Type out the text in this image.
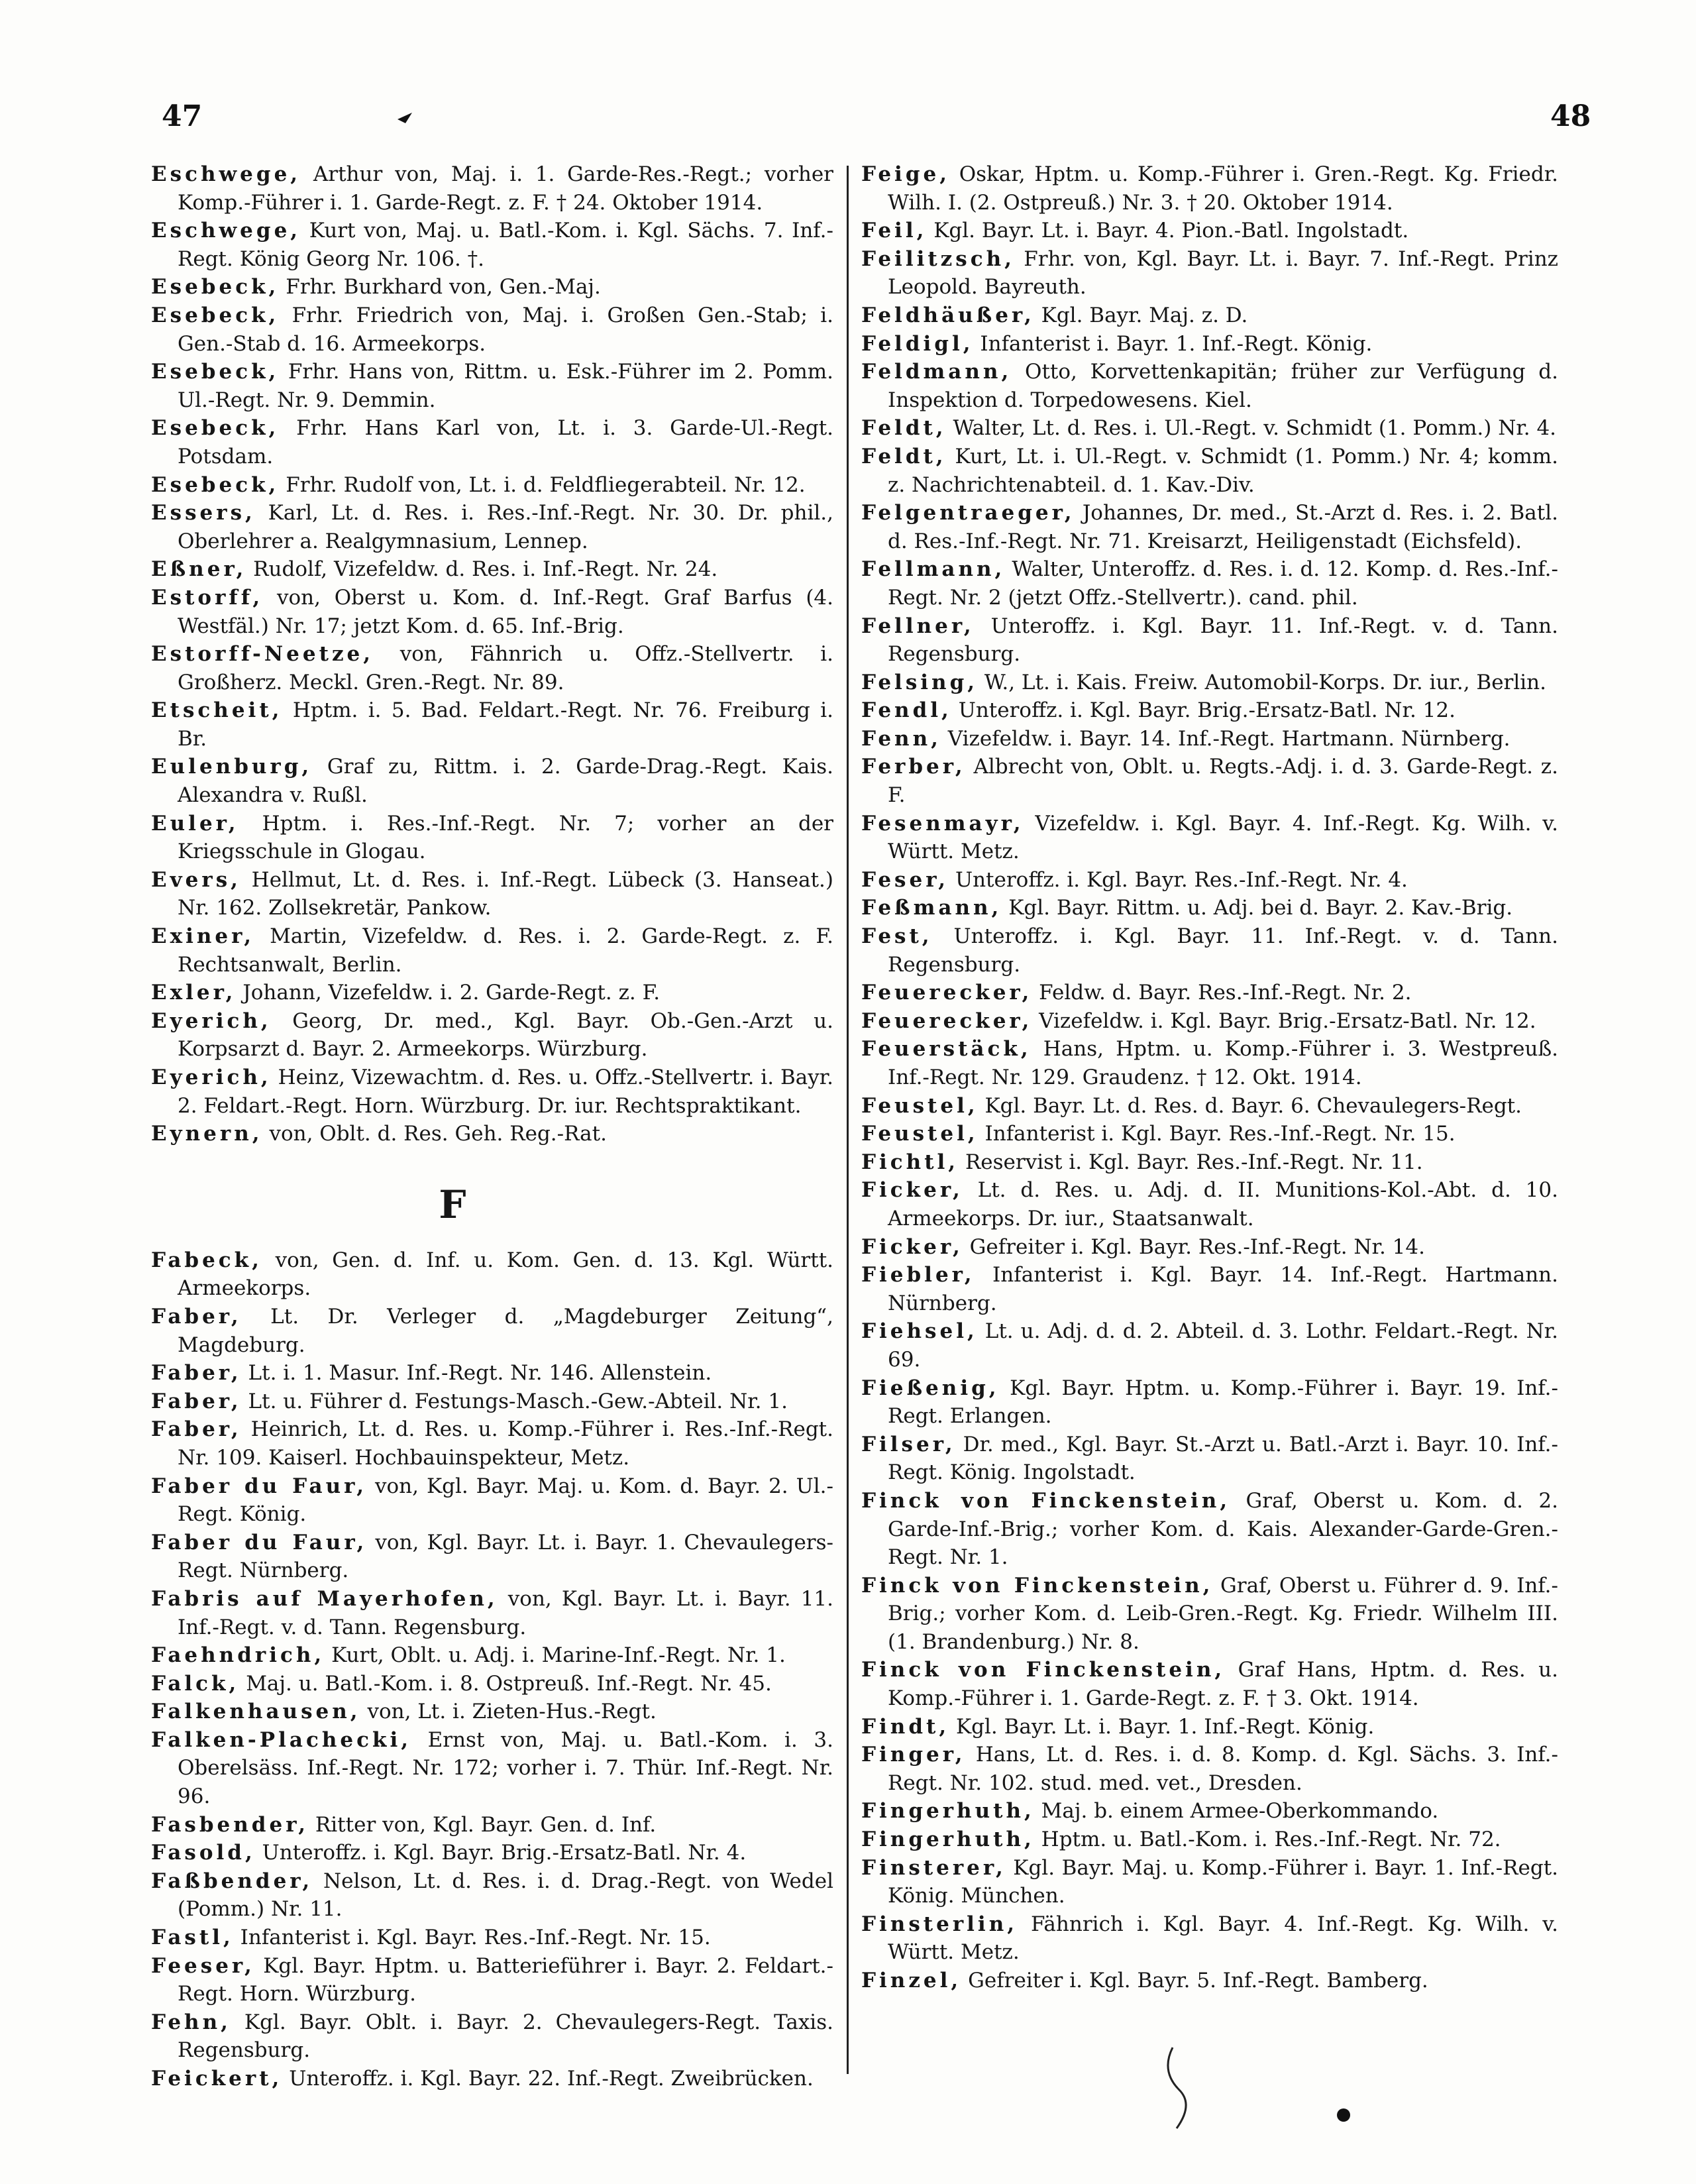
47	48

Eschwege, Arthur von, Maj. i. 1. Garde-Res.-Regt.; vorher Komp.-Führer i. 1. Garde-Regt. z. F. † 24. Oktober 1914.

Eschwege, Kurt von, Maj. u. Batl.-Kom. i. Kgl. Sächs. 7. Inf.-Regt. König Georg Nr. 106. †.

Esebeck, Frhr. Burkhard von, Gen.-Maj.

Esebeck, Frhr. Friedrich von, Maj. i. Großen Gen.-Stab; i. Gen.-Stab d. 16. Armeekorps.

Esebeck, Frhr. Hans von, Rittm. u. Esk.-Führer im 2. Pomm. Ul.-Regt. Nr. 9. Demmin.

Esebeck, Frhr. Hans Karl von, Lt. i. 3. Garde-Ul.-Regt. Potsdam.

Esebeck, Frhr. Rudolf von, Lt. i. d. Feldfliegerabteil. Nr. 12.

Essers, Karl, Lt. d. Res. i. Res.-Inf.-Regt. Nr. 30. Dr. phil., Oberlehrer a. Realgymnasium, Lennep.

Eßner, Rudolf, Vizefeldw. d. Res. i. Inf.-Regt. Nr. 24.

Estorff, von, Oberst u. Kom. d. Inf.-Regt. Graf Barfus (4. Westfäl.) Nr. 17; jetzt Kom. d. 65. Inf.-Brig.

Estorff-Neetze, von, Fähnrich u. Offz.-Stellvertr. i. Großherz. Meckl. Gren.-Regt. Nr. 89.

Etscheit, Hptm. i. 5. Bad. Feldart.-Regt. Nr. 76. Freiburg i. Br.

Eulenburg, Graf zu, Rittm. i. 2. Garde-Drag.-Regt. Kais. Alexandra v. Rußl.

Euler, Hptm. i. Res.-Inf.-Regt. Nr. 7; vorher an der Kriegsschule in Glogau.

Evers, Hellmut, Lt. d. Res. i. Inf.-Regt. Lübeck (3. Hanseat.) Nr. 162. Zollsekretär, Pankow.

Exiner, Martin, Vizefeldw. d. Res. i. 2. Garde-Regt. z. F. Rechtsanwalt, Berlin.

Exler, Johann, Vizefeldw. i. 2. Garde-Regt. z. F.

Eyerich, Georg, Dr. med., Kgl. Bayr. Ob.-Gen.-Arzt u. Korpsarzt d. Bayr. 2. Armeekorps. Würzburg.

Eyerich, Heinz, Vizewachtm. d. Res. u. Offz.-Stellvertr. i. Bayr. 2. Feldart.-Regt. Horn. Würzburg. Dr. iur. Rechtspraktikant.

Eynern, von, Oblt. d. Res. Geh. Reg.-Rat.

F

Fabeck, von, Gen. d. Inf. u. Kom. Gen. d. 13. Kgl. Württ. Armeekorps.

Faber, Lt. Dr. Verleger d. „Magdeburger Zeitung“, Magdeburg.

Faber, Lt. i. 1. Masur. Inf.-Regt. Nr. 146. Allenstein.

Faber, Lt. u. Führer d. Festungs-Masch.-Gew.-Abteil. Nr. 1.

Faber, Heinrich, Lt. d. Res. u. Komp.-Führer i. Res.-Inf.-Regt. Nr. 109. Kaiserl. Hochbauinspekteur, Metz.

Faber du Faur, von, Kgl. Bayr. Maj. u. Kom. d. Bayr. 2. Ul.-Regt. König.

Faber du Faur, von, Kgl. Bayr. Lt. i. Bayr. 1. Chevaulegers-Regt. Nürnberg.

Fabris auf Mayerhofen, von, Kgl. Bayr. Lt. i. Bayr. 11. Inf.-Regt. v. d. Tann. Regensburg.

Faehndrich, Kurt, Oblt. u. Adj. i. Marine-Inf.-Regt. Nr. 1.

Falck, Maj. u. Batl.-Kom. i. 8. Ostpreuß. Inf.-Regt. Nr. 45.

Falkenhausen, von, Lt. i. Zieten-Hus.-Regt.

Falken-Plachecki, Ernst von, Maj. u. Batl.-Kom. i. 3. Oberelsäss. Inf.-Regt. Nr. 172; vorher i. 7. Thür. Inf.-Regt. Nr. 96.

Fasbender, Ritter von, Kgl. Bayr. Gen. d. Inf.

Fasold, Unteroffz. i. Kgl. Bayr. Brig.-Ersatz-Batl. Nr. 4.

Faßbender, Nelson, Lt. d. Res. i. d. Drag.-Regt. von Wedel (Pomm.) Nr. 11.

Fastl, Infanterist i. Kgl. Bayr. Res.-Inf.-Regt. Nr. 15.

Feeser, Kgl. Bayr. Hptm. u. Batterieführer i. Bayr. 2. Feldart.-Regt. Horn. Würzburg.

Fehn, Kgl. Bayr. Oblt. i. Bayr. 2. Chevaulegers-Regt. Taxis. Regensburg.

Feickert, Unteroffz. i. Kgl. Bayr. 22. Inf.-Regt. Zweibrücken.

Feige, Oskar, Hptm. u. Komp.-Führer i. Gren.-Regt. Kg. Friedr. Wilh. I. (2. Ostpreuß.) Nr. 3. † 20. Oktober 1914.

Feil, Kgl. Bayr. Lt. i. Bayr. 4. Pion.-Batl. Ingolstadt.

Feilitzsch, Frhr. von, Kgl. Bayr. Lt. i. Bayr. 7. Inf.-Regt. Prinz Leopold. Bayreuth.

Feldhäußer, Kgl. Bayr. Maj. z. D.

Feldigl, Infanterist i. Bayr. 1. Inf.-Regt. König.

Feldmann, Otto, Korvettenkapitän; früher zur Verfügung d. Inspektion d. Torpedowesens. Kiel.

Feldt, Walter, Lt. d. Res. i. Ul.-Regt. v. Schmidt (1. Pomm.) Nr. 4.

Feldt, Kurt, Lt. i. Ul.-Regt. v. Schmidt (1. Pomm.) Nr. 4; komm. z. Nachrichtenabteil. d. 1. Kav.-Div.

Felgentraeger, Johannes, Dr. med., St.-Arzt d. Res. i. 2. Batl. d. Res.-Inf.-Regt. Nr. 71. Kreisarzt, Heiligenstadt (Eichsfeld).

Fellmann, Walter, Unteroffz. d. Res. i. d. 12. Komp. d. Res.-Inf.-Regt. Nr. 2 (jetzt Offz.-Stellvertr.). cand. phil.

Fellner, Unteroffz. i. Kgl. Bayr. 11. Inf.-Regt. v. d. Tann. Regensburg.

Felsing, W., Lt. i. Kais. Freiw. Automobil-Korps. Dr. iur., Berlin.

Fendl, Unteroffz. i. Kgl. Bayr. Brig.-Ersatz-Batl. Nr. 12.

Fenn, Vizefeldw. i. Bayr. 14. Inf.-Regt. Hartmann. Nürnberg.

Ferber, Albrecht von, Oblt. u. Regts.-Adj. i. d. 3. Garde-Regt. z. F.

Fesenmayr, Vizefeldw. i. Kgl. Bayr. 4. Inf.-Regt. Kg. Wilh. v. Württ. Metz.

Feser, Unteroffz. i. Kgl. Bayr. Res.-Inf.-Regt. Nr. 4.

Feßmann, Kgl. Bayr. Rittm. u. Adj. bei d. Bayr. 2. Kav.-Brig.

Fest, Unteroffz. i. Kgl. Bayr. 11. Inf.-Regt. v. d. Tann. Regensburg.

Feuerecker, Feldw. d. Bayr. Res.-Inf.-Regt. Nr. 2.

Feuerecker, Vizefeldw. i. Kgl. Bayr. Brig.-Ersatz-Batl. Nr. 12.

Feuerstäck, Hans, Hptm. u. Komp.-Führer i. 3. Westpreuß. Inf.-Regt. Nr. 129. Graudenz. † 12. Okt. 1914.

Feustel, Kgl. Bayr. Lt. d. Res. d. Bayr. 6. Chevaulegers-Regt.

Feustel, Infanterist i. Kgl. Bayr. Res.-Inf.-Regt. Nr. 15.

Fichtl, Reservist i. Kgl. Bayr. Res.-Inf.-Regt. Nr. 11.

Ficker, Lt. d. Res. u. Adj. d. II. Munitions-Kol.-Abt. d. 10. Armeekorps. Dr. iur., Staatsanwalt.

Ficker, Gefreiter i. Kgl. Bayr. Res.-Inf.-Regt. Nr. 14.

Fiebler, Infanterist i. Kgl. Bayr. 14. Inf.-Regt. Hartmann. Nürnberg.

Fiehsel, Lt. u. Adj. d. d. 2. Abteil. d. 3. Lothr. Feldart.-Regt. Nr. 69.

Fießenig, Kgl. Bayr. Hptm. u. Komp.-Führer i. Bayr. 19. Inf.-Regt. Erlangen.

Filser, Dr. med., Kgl. Bayr. St.-Arzt u. Batl.-Arzt i. Bayr. 10. Inf.-Regt. König. Ingolstadt.

Finck von Finckenstein, Graf, Oberst u. Kom. d. 2. Garde-Inf.-Brig.; vorher Kom. d. Kais. Alexander-Garde-Gren.-Regt. Nr. 1.

Finck von Finckenstein, Graf, Oberst u. Führer d. 9. Inf.-Brig.; vorher Kom. d. Leib-Gren.-Regt. Kg. Friedr. Wilhelm III. (1. Brandenburg.) Nr. 8.

Finck von Finckenstein, Graf Hans, Hptm. d. Res. u. Komp.-Führer i. 1. Garde-Regt. z. F. † 3. Okt. 1914.

Findt, Kgl. Bayr. Lt. i. Bayr. 1. Inf.-Regt. König.

Finger, Hans, Lt. d. Res. i. d. 8. Komp. d. Kgl. Sächs. 3. Inf.-Regt. Nr. 102. stud. med. vet., Dresden.

Fingerhuth, Maj. b. einem Armee-Oberkommando.

Fingerhuth, Hptm. u. Batl.-Kom. i. Res.-Inf.-Regt. Nr. 72.

Finsterer, Kgl. Bayr. Maj. u. Komp.-Führer i. Bayr. 1. Inf.-Regt. König. München.

Finsterlin, Fähnrich i. Kgl. Bayr. 4. Inf.-Regt. Kg. Wilh. v. Württ. Metz.

Finzel, Gefreiter i. Kgl. Bayr. 5. Inf.-Regt. Bamberg.
